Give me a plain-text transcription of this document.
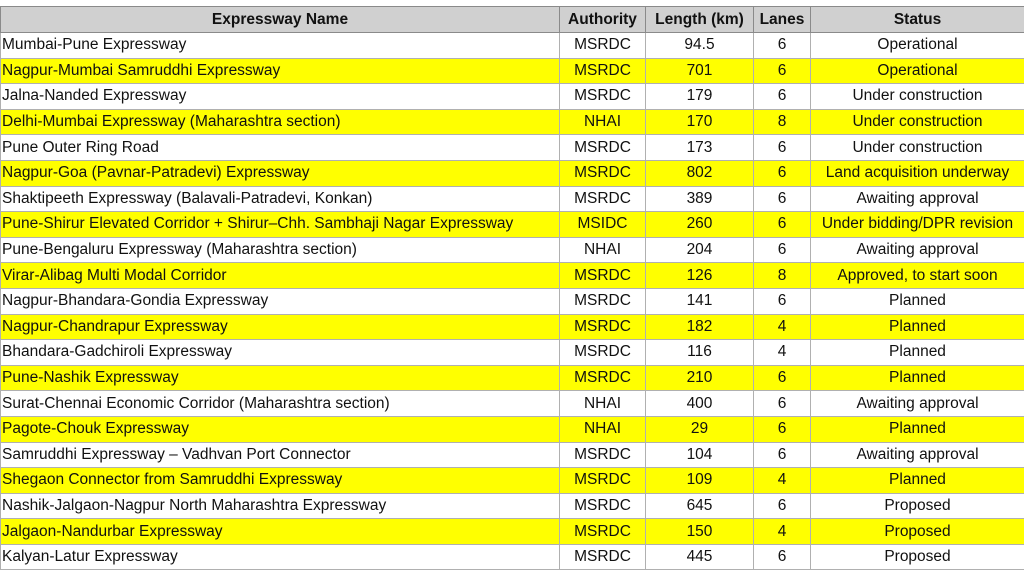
Expressway Name	Authority	Length (km)	Lanes	Status
Mumbai-Pune Expressway	MSRDC	94.5	6	Operational
Nagpur-Mumbai Samruddhi Expressway	MSRDC	701	6	Operational
Jalna-Nanded Expressway	MSRDC	179	6	Under construction
Delhi-Mumbai Expressway (Maharashtra section)	NHAI	170	8	Under construction
Pune Outer Ring Road	MSRDC	173	6	Under construction
Nagpur-Goa (Pavnar-Patradevi) Expressway	MSRDC	802	6	Land acquisition underway
Shaktipeeth Expressway (Balavali-Patradevi, Konkan)	MSRDC	389	6	Awaiting approval
Pune-Shirur Elevated Corridor + Shirur–Chh. Sambhaji Nagar Expressway	MSIDC	260	6	Under bidding/DPR revision
Pune-Bengaluru Expressway (Maharashtra section)	NHAI	204	6	Awaiting approval
Virar-Alibag Multi Modal Corridor	MSRDC	126	8	Approved, to start soon
Nagpur-Bhandara-Gondia Expressway	MSRDC	141	6	Planned
Nagpur-Chandrapur Expressway	MSRDC	182	4	Planned
Bhandara-Gadchiroli Expressway	MSRDC	116	4	Planned
Pune-Nashik Expressway	MSRDC	210	6	Planned
Surat-Chennai Economic Corridor (Maharashtra section)	NHAI	400	6	Awaiting approval
Pagote-Chouk Expressway	NHAI	29	6	Planned
Samruddhi Expressway – Vadhvan Port Connector	MSRDC	104	6	Awaiting approval
Shegaon Connector from Samruddhi Expressway	MSRDC	109	4	Planned
Nashik-Jalgaon-Nagpur North Maharashtra Expressway	MSRDC	645	6	Proposed
Jalgaon-Nandurbar Expressway	MSRDC	150	4	Proposed
Kalyan-Latur Expressway	MSRDC	445	6	Proposed
